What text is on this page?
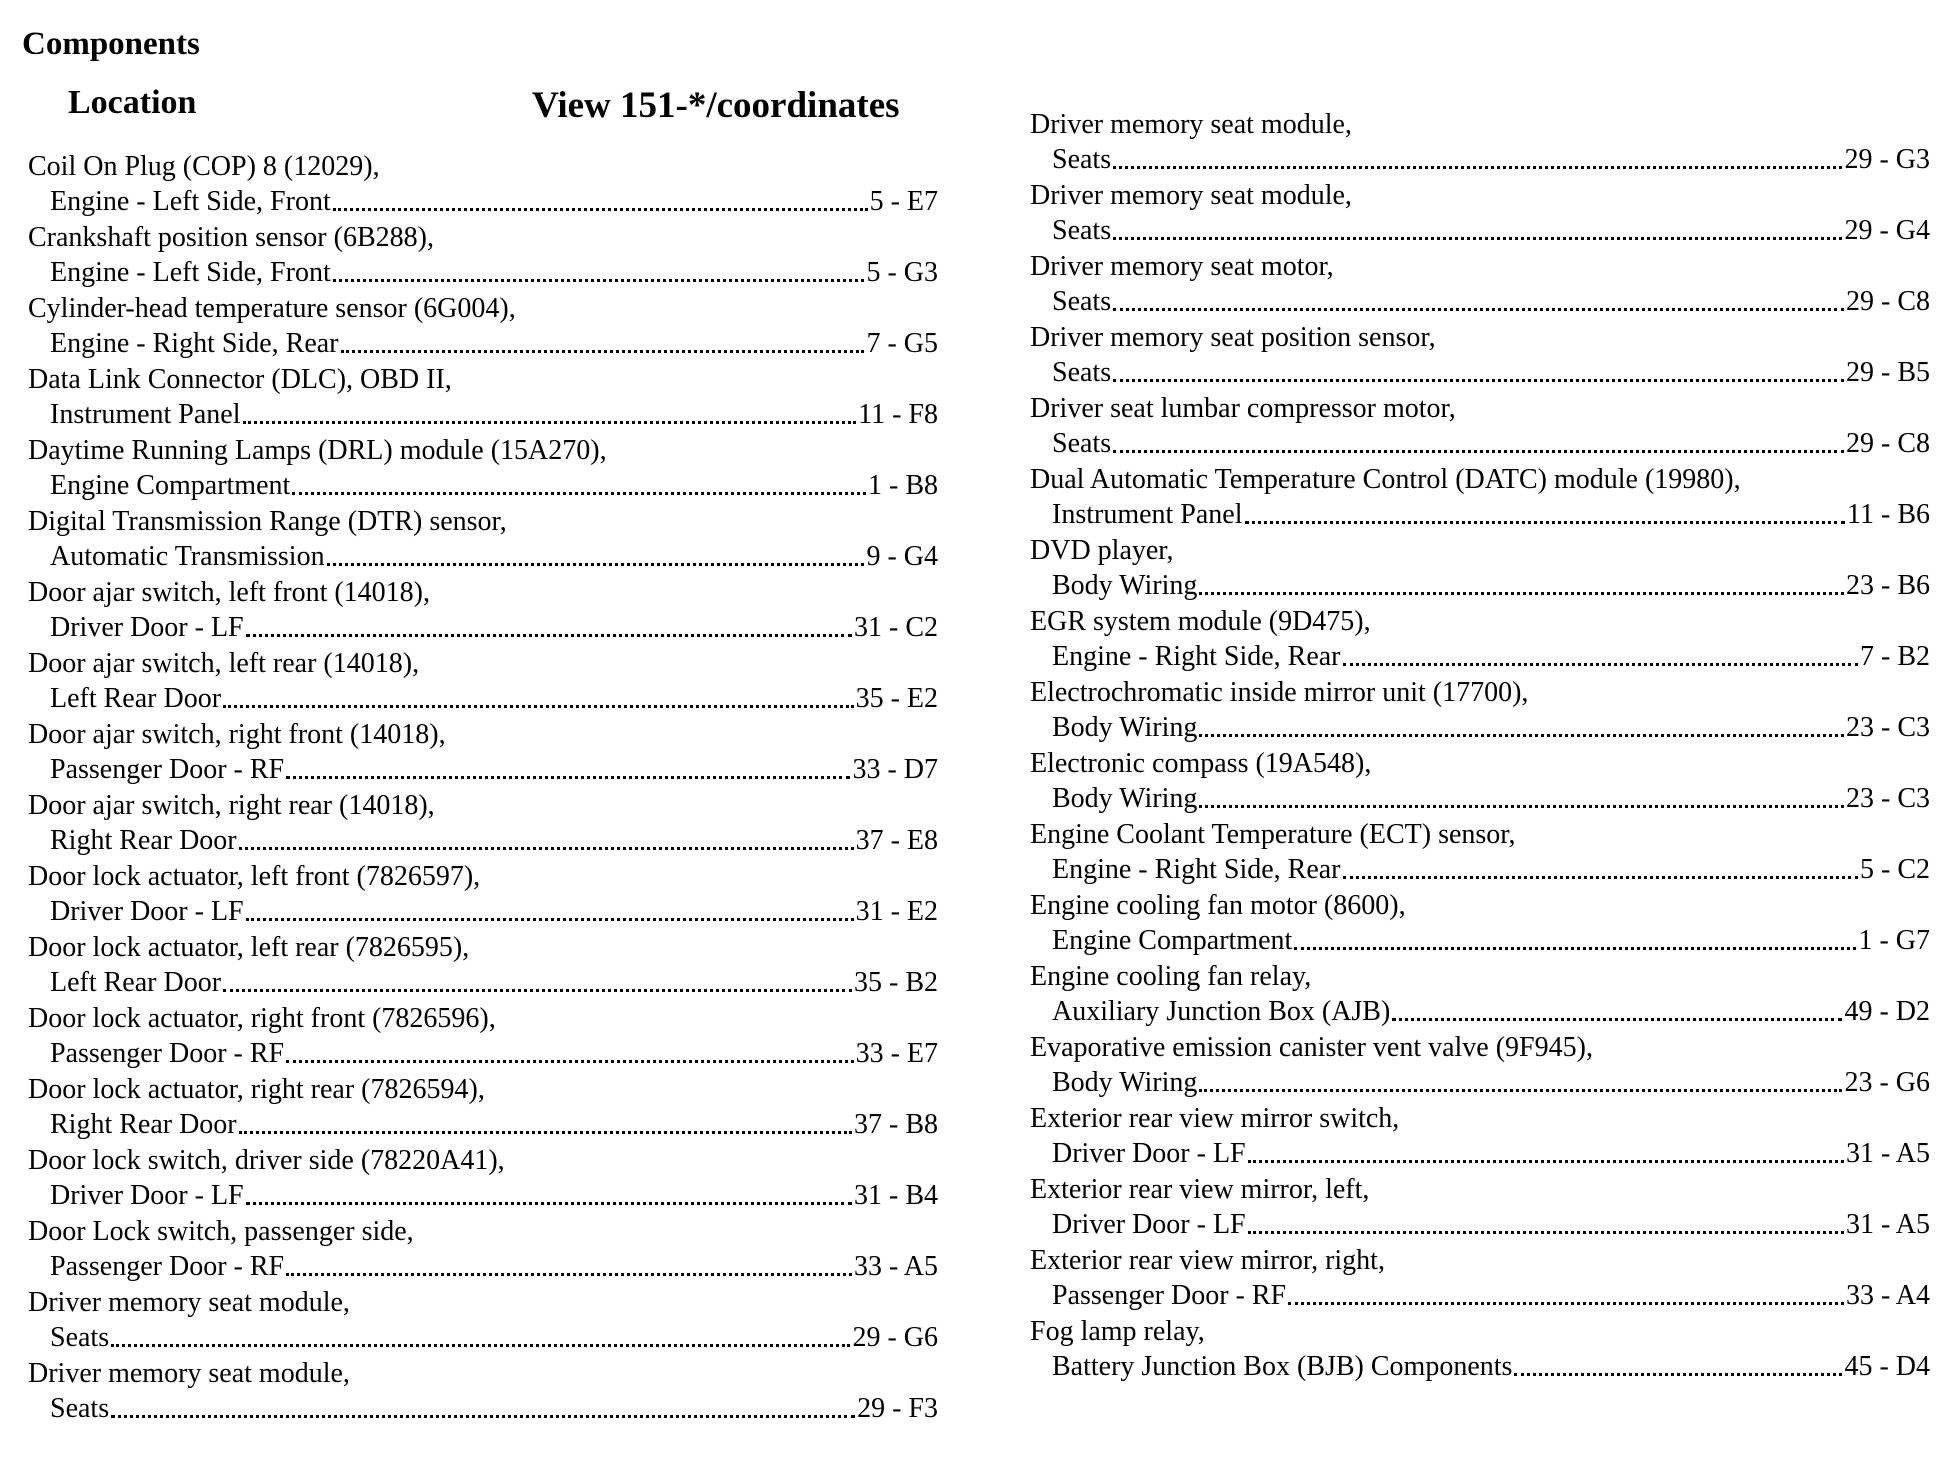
Components
Location	View 151-*/coordinates
Coil On Plug (COP) 8 (12029),
Engine - Left Side, Front	5 - E7
Crankshaft position sensor (6B288),
Engine - Left Side, Front	5 - G3
Cylinder-head temperature sensor (6G004),
Engine - Right Side, Rear	7 - G5
Data Link Connector (DLC), OBD II,
Instrument Panel	11 - F8
Daytime Running Lamps (DRL) module (15A270),
Engine Compartment	1 - B8
Digital Transmission Range (DTR) sensor,
Automatic Transmission	9 - G4
Door ajar switch, left front (14018),
Driver Door - LF	31 - C2
Door ajar switch, left rear (14018),
Left Rear Door	35 - E2
Door ajar switch, right front (14018),
Passenger Door - RF	33 - D7
Door ajar switch, right rear (14018),
Right Rear Door	37 - E8
Door lock actuator, left front (7826597),
Driver Door - LF	31 - E2
Door lock actuator, left rear (7826595),
Left Rear Door	35 - B2
Door lock actuator, right front (7826596),
Passenger Door - RF	33 - E7
Door lock actuator, right rear (7826594),
Right Rear Door	37 - B8
Door lock switch, driver side (78220A41),
Driver Door - LF	31 - B4
Door Lock switch, passenger side,
Passenger Door - RF	33 - A5
Driver memory seat module,
Seats	29 - G6
Driver memory seat module,
Seats	29 - F3
Driver memory seat module,
Seats	29 - G3
Driver memory seat module,
Seats	29 - G4
Driver memory seat motor,
Seats	29 - C8
Driver memory seat position sensor,
Seats	29 - B5
Driver seat lumbar compressor motor,
Seats	29 - C8
Dual Automatic Temperature Control (DATC) module (19980),
Instrument Panel	11 - B6
DVD player,
Body Wiring	23 - B6
EGR system module (9D475),
Engine - Right Side, Rear	7 - B2
Electrochromatic inside mirror unit (17700),
Body Wiring	23 - C3
Electronic compass (19A548),
Body Wiring	23 - C3
Engine Coolant Temperature (ECT) sensor,
Engine - Right Side, Rear	5 - C2
Engine cooling fan motor (8600),
Engine Compartment	1 - G7
Engine cooling fan relay,
Auxiliary Junction Box (AJB)	49 - D2
Evaporative emission canister vent valve (9F945),
Body Wiring	23 - G6
Exterior rear view mirror switch,
Driver Door - LF	31 - A5
Exterior rear view mirror, left,
Driver Door - LF	31 - A5
Exterior rear view mirror, right,
Passenger Door - RF	33 - A4
Fog lamp relay,
Battery Junction Box (BJB) Components	45 - D4
